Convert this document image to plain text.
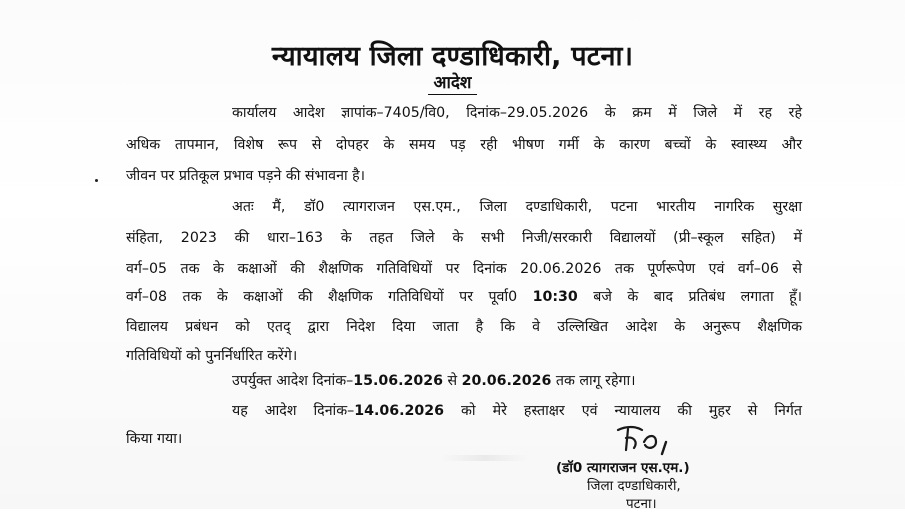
न्यायालय जिला दण्डाधिकारी, पटना।
आदेश
कार्यालय आदेश ज्ञापांक–7405/वि0, दिनांक–29.05.2026 के क्रम में जिले में रह रहे
अधिक तापमान, विशेष रूप से दोपहर के समय पड़ रही भीषण गर्मी के कारण बच्चों के स्वास्थ्य और
जीवन पर प्रतिकूल प्रभाव पड़ने की संभावना है।
अतः मैं, डॉ0 त्यागराजन एस.एम., जिला दण्डाधिकारी, पटना भारतीय नागरिक सुरक्षा
संहिता, 2023 की धारा–163 के तहत जिले के सभी निजी/सरकारी विद्यालयों (प्री–स्कूल सहित) में
वर्ग–05 तक के कक्षाओं की शैक्षणिक गतिविधियों पर दिनांक 20.06.2026 तक पूर्णरूपेण एवं वर्ग–06 से
वर्ग–08 तक के कक्षाओं की शैक्षणिक गतिविधियों पर पूर्वा0 10:30 बजे के बाद प्रतिबंध लगाता हूँ।
विद्यालय प्रबंधन को एतद् द्वारा निदेश दिया जाता है कि वे उल्लिखित आदेश के अनुरूप शैक्षणिक
गतिविधियों को पुनर्निर्धारित करेंगे।
उपर्युक्त आदेश दिनांक–15.06.2026 से 20.06.2026 तक लागू रहेगा।
यह आदेश दिनांक–14.06.2026 को मेरे हस्ताक्षर एवं न्यायालय की मुहर से निर्गत
किया गया।
(डॉ0 त्यागराजन एस.एम.)
जिला दण्डाधिकारी,
पटना।
